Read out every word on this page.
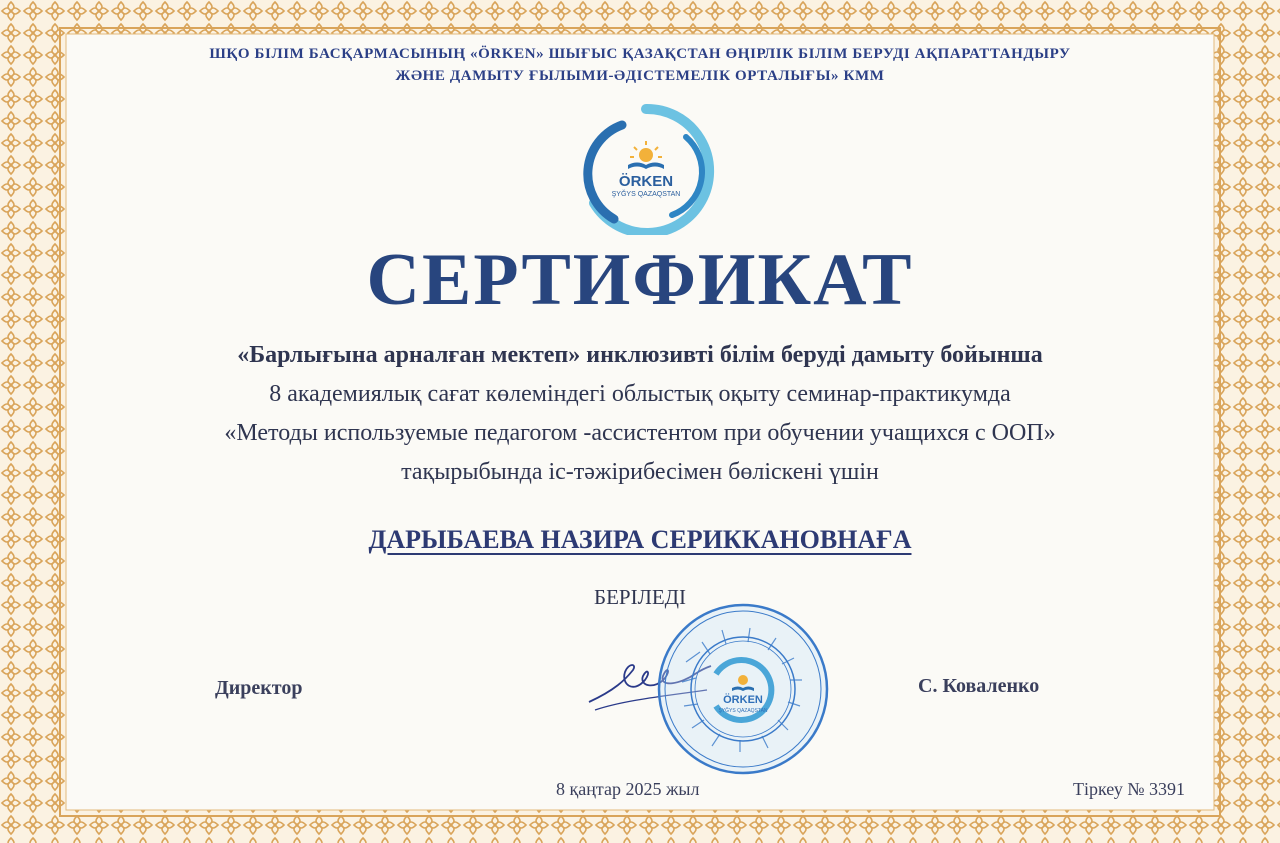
ШҚО БІЛІМ БАСҚАРМАСЫНЫҢ «ÖRKEN» ШЫҒЫС ҚАЗАҚСТАН ӨҢІРЛІК БІЛІМ БЕРУДІ АҚПАРАТТАНДЫРУ
ЖӘНЕ ДАМЫТУ ҒЫЛЫМИ-ӘДІСТЕМЕЛІК ОРТАЛЫҒЫ» КММ
ÖRKEN
ŞYĞYS QAZAQSTAN
СЕРТИФИКАТ
«Барлығына арналған мектеп» инклюзивті білім беруді дамыту бойынша
8 академиялық сағат көлеміндегі облыстық оқыту семинар-практикумда
«Методы используемые педагогом -ассистентом при обучении учащихся с ООП»
тақырыбында іс-тәжірибесімен бөліскені үшін
ДАРЫБАЕВА НАЗИРА СЕРИККАНОВНАҒА
БЕРІЛЕДІ
Директор	С. Коваленко
ÖRKEN
ŞYĞYS QAZAQSTAN
8 қаңтар 2025 жыл	Тіркеу № 3391
